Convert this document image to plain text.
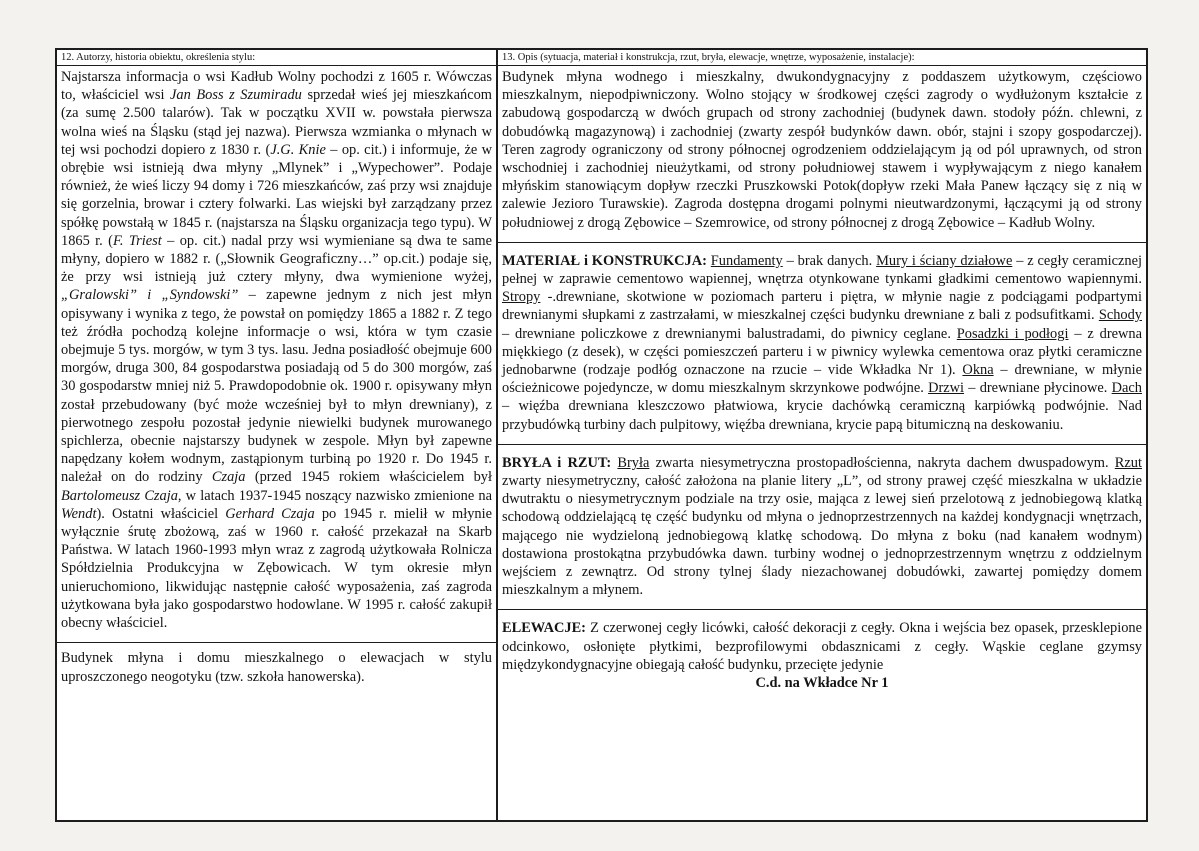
12. Autorzy, historia obiektu, określenia stylu:

Najstarsza informacja o wsi Kadłub Wolny pochodzi z 1605 r. Wówczas to, właściciel wsi Jan Boss z Szumiradu sprzedał wieś jej mieszkańcom (za sumę 2.500 talarów). Tak w początku XVII w. powstała pierwsza wolna wieś na Śląsku (stąd jej nazwa). Pierwsza wzmianka o młynach w tej wsi pochodzi dopiero z 1830 r. (J.G. Knie – op. cit.) i informuje, że w obrębie wsi istnieją dwa młyny „Mlynek” i „Wypechower”. Podaje również, że wieś liczy 94 domy i 726 mieszkańców, zaś przy wsi znajduje się gorzelnia, browar i cztery folwarki. Las wiejski był zarządzany przez spółkę powstałą w 1845 r. (najstarsza na Śląsku organizacja tego typu). W 1865 r. (F. Triest – op. cit.) nadal przy wsi wymieniane są dwa te same młyny, dopiero w 1882 r. („Słownik Geograficzny…” op.cit.) podaje się, że przy wsi istnieją już cztery młyny, dwa wymienione wyżej, „Gralowski” i „Syndowski” – zapewne jednym z nich jest młyn opisywany i wynika z tego, że powstał on pomiędzy 1865 a 1882 r. Z tego też źródła pochodzą kolejne informacje o wsi, która w tym czasie obejmuje 5 tys. morgów, w tym 3 tys. lasu. Jedna posiadłość obejmuje 600 morgów, druga 300, 84 gospodarstwa posiadają od 5 do 300 morgów, zaś 30 gospodarstw mniej niż 5. Prawdopodobnie ok. 1900 r. opisywany młyn został przebudowany (być może wcześniej był to młyn drewniany), z pierwotnego zespołu pozostał jedynie niewielki budynek murowanego spichlerza, obecnie najstarszy budynek w zespole. Młyn był zapewne napędzany kołem wodnym, zastąpionym turbiną po 1920 r. Do 1945 r. należał on do rodziny Czaja (przed 1945 rokiem właścicielem był Bartolomeusz Czaja, w latach 1937-1945 noszący nazwisko zmienione na Wendt). Ostatni właściciel Gerhard Czaja po 1945 r. mielił w młynie wyłącznie śrutę zbożową, zaś w 1960 r. całość przekazał na Skarb Państwa. W latach 1960-1993 młyn wraz z zagrodą użytkowała Rolnicza Spółdzielnia Produkcyjna w Zębowicach. W tym okresie młyn unieruchomiono, likwidując następnie całość wyposażenia, zaś zagroda użytkowana była jako gospodarstwo hodowlane. W 1995 r. całość zakupił obecny właściciel.

Budynek młyna i domu mieszkalnego o elewacjach w stylu uproszczonego neogotyku (tzw. szkoła hanowerska).

13. Opis (sytuacja, materiał i konstrukcja, rzut, bryła, elewacje, wnętrze, wyposażenie, instalacje):

Budynek młyna wodnego i mieszkalny, dwukondygnacyjny z poddaszem użytkowym, częściowo mieszkalnym, niepodpiwniczony. Wolno stojący w środkowej części zagrody o wydłużonym kształcie z zabudową gospodarczą w dwóch grupach od strony zachodniej (budynek dawn. stodoły późn. chlewni, z dobudówką magazynową) i zachodniej (zwarty zespół budynków dawn. obór, stajni i szopy gospodarczej). Teren zagrody ograniczony od strony północnej ogrodzeniem oddzielającym ją od pól uprawnych, od stron wschodniej i zachodniej nieużytkami, od strony południowej stawem i wypływającym z niego kanałem młyńskim stanowiącym dopływ rzeczki Pruszkowski Potok(dopływ rzeki Mała Panew łączący się z nią w zalewie Jezioro Turawskie). Zagroda dostępna drogami polnymi nieutwardzonymi, łączącymi ją od strony południowej z drogą Zębowice – Szemrowice, od strony północnej z drogą Zębowice – Kadłub Wolny.

MATERIAŁ i KONSTRUKCJA: Fundamenty – brak danych. Mury i ściany działowe – z cegły ceramicznej pełnej w zaprawie cementowo wapiennej, wnętrza otynkowane tynkami gładkimi cementowo wapiennymi. Stropy -.drewniane, skotwione w poziomach parteru i piętra, w młynie nagie z podciągami podpartymi drewnianymi słupkami z zastrzałami, w mieszkalnej części budynku drewniane z bali z podsufitkami. Schody – drewniane policzkowe z drewnianymi balustradami, do piwnicy ceglane. Posadzki i podłogi – z drewna miękkiego (z desek), w części pomieszczeń parteru i w piwnicy wylewka cementowa oraz płytki ceramiczne jednobarwne (rodzaje podłóg oznaczone na rzucie – vide Wkładka Nr 1). Okna – drewniane, w młynie ościeżnicowe pojedyncze, w domu mieszkalnym skrzynkowe podwójne. Drzwi – drewniane płycinowe. Dach – więźba drewniana kleszczowo płatwiowa, krycie dachówką ceramiczną karpiówką podwójnie. Nad przybudówką turbiny dach pulpitowy, więźba drewniana, krycie papą bitumiczną na deskowaniu.

BRYŁA i RZUT: Bryła zwarta niesymetryczna prostopadłościenna, nakryta dachem dwuspadowym. Rzut zwarty niesymetryczny, całość założona na planie litery „L”, od strony prawej część mieszkalna w układzie dwutraktu o niesymetrycznym podziale na trzy osie, mająca z lewej sień przelotową z jednobiegową klatką schodową oddzielającą tę część budynku od młyna o jednoprzestrzennych na każdej kondygnacji wnętrzach, mającego nie wydzieloną jednobiegową klatkę schodową. Do młyna z boku (nad kanałem wodnym) dostawiona prostokątna przybudówka dawn. turbiny wodnej o jednoprzestrzennym wnętrzu z oddzielnym wejściem z zewnątrz. Od strony tylnej ślady niezachowanej dobudówki, zawartej pomiędzy domem mieszkalnym a młynem.

ELEWACJE: Z czerwonej cegły licówki, całość dekoracji z cegły. Okna i wejścia bez opasek, przesklepione odcinkowo, osłonięte płytkimi, bezprofilowymi obdasznicami z cegły. Wąskie ceglane gzymsy międzykondygnacyjne obiegają całość budynku, przecięte jedynie

C.d. na Wkładce Nr 1
